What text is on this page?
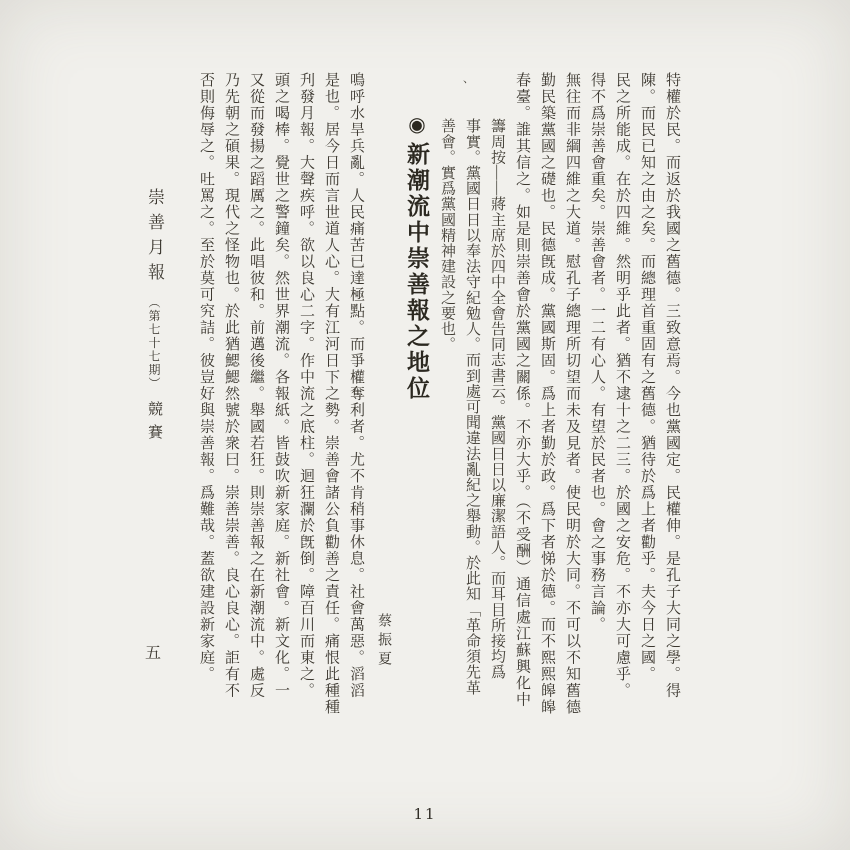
特權於民。而返於我國之舊德。三致意焉。今也黨國定。民權伸。是孔子大同之學。得
陳。而民已知之由之矣。而總理首重固有之舊德。猶待於爲上者勸乎。夫今日之國。
民之所能成。在於四維。然明乎此者。猶不逮十之二三。於國之安危。不亦大可慮乎。
得不爲崇善會重矣。崇善會者。一二有心人。有望於民者也。會之事務言論。
無往而非綱四維之大道。慰孔子總理所切望而未及見者。使民明於大同。不可以不知舊德
勤民築黨國之礎也。民德旣成。黨國斯固。爲上者勤於政。爲下者悌於德。而不熙熙皞皞
春臺。誰其信之。如是則崇善會於黨國之關係。不亦大乎。（不受酬）通信處江蘇興化中
籌周按——蔣主席於四中全會告同志書云。黨國日日以廉潔語人。而耳目所接均爲
事實。黨國日日以奉法守紀勉人。而到處可聞違法亂紀之舉動。於此知「革命須先革
善會。實爲黨國精神建設之要也。
◉新潮流中崇善報之地位
蔡振夏
鳴呼水旱兵亂。人民痛苦已達極點。而爭權奪利者。尤不肯稍事休息。社會萬惡。滔滔
是也。居今日而言世道人心。大有江河日下之勢。崇善會諸公負勸善之責任。痛恨此種種
刋發月報。大聲疾呼。欲以良心二字。作中流之底柱。迴狂瀾於旣倒。障百川而東之。
頭之喝棒。覺世之警鐘矣。然世界潮流。各報紙。皆鼓吹新家庭。新社會。新文化。一
又從而發揚之蹈厲之。此唱彼和。前邁後繼。舉國若狂。則崇善報之在新潮流中。處反
乃先朝之碩果。現代之怪物也。於此猶鰓鰓然號於衆曰。崇善崇善。良心良心。詎有不
否則侮辱之。吐罵之。至於莫可究詰。彼豈好與崇善報。爲難哉。蓋欲建設新家庭。
崇善月報（第七十七期）競賽
五
、
11
